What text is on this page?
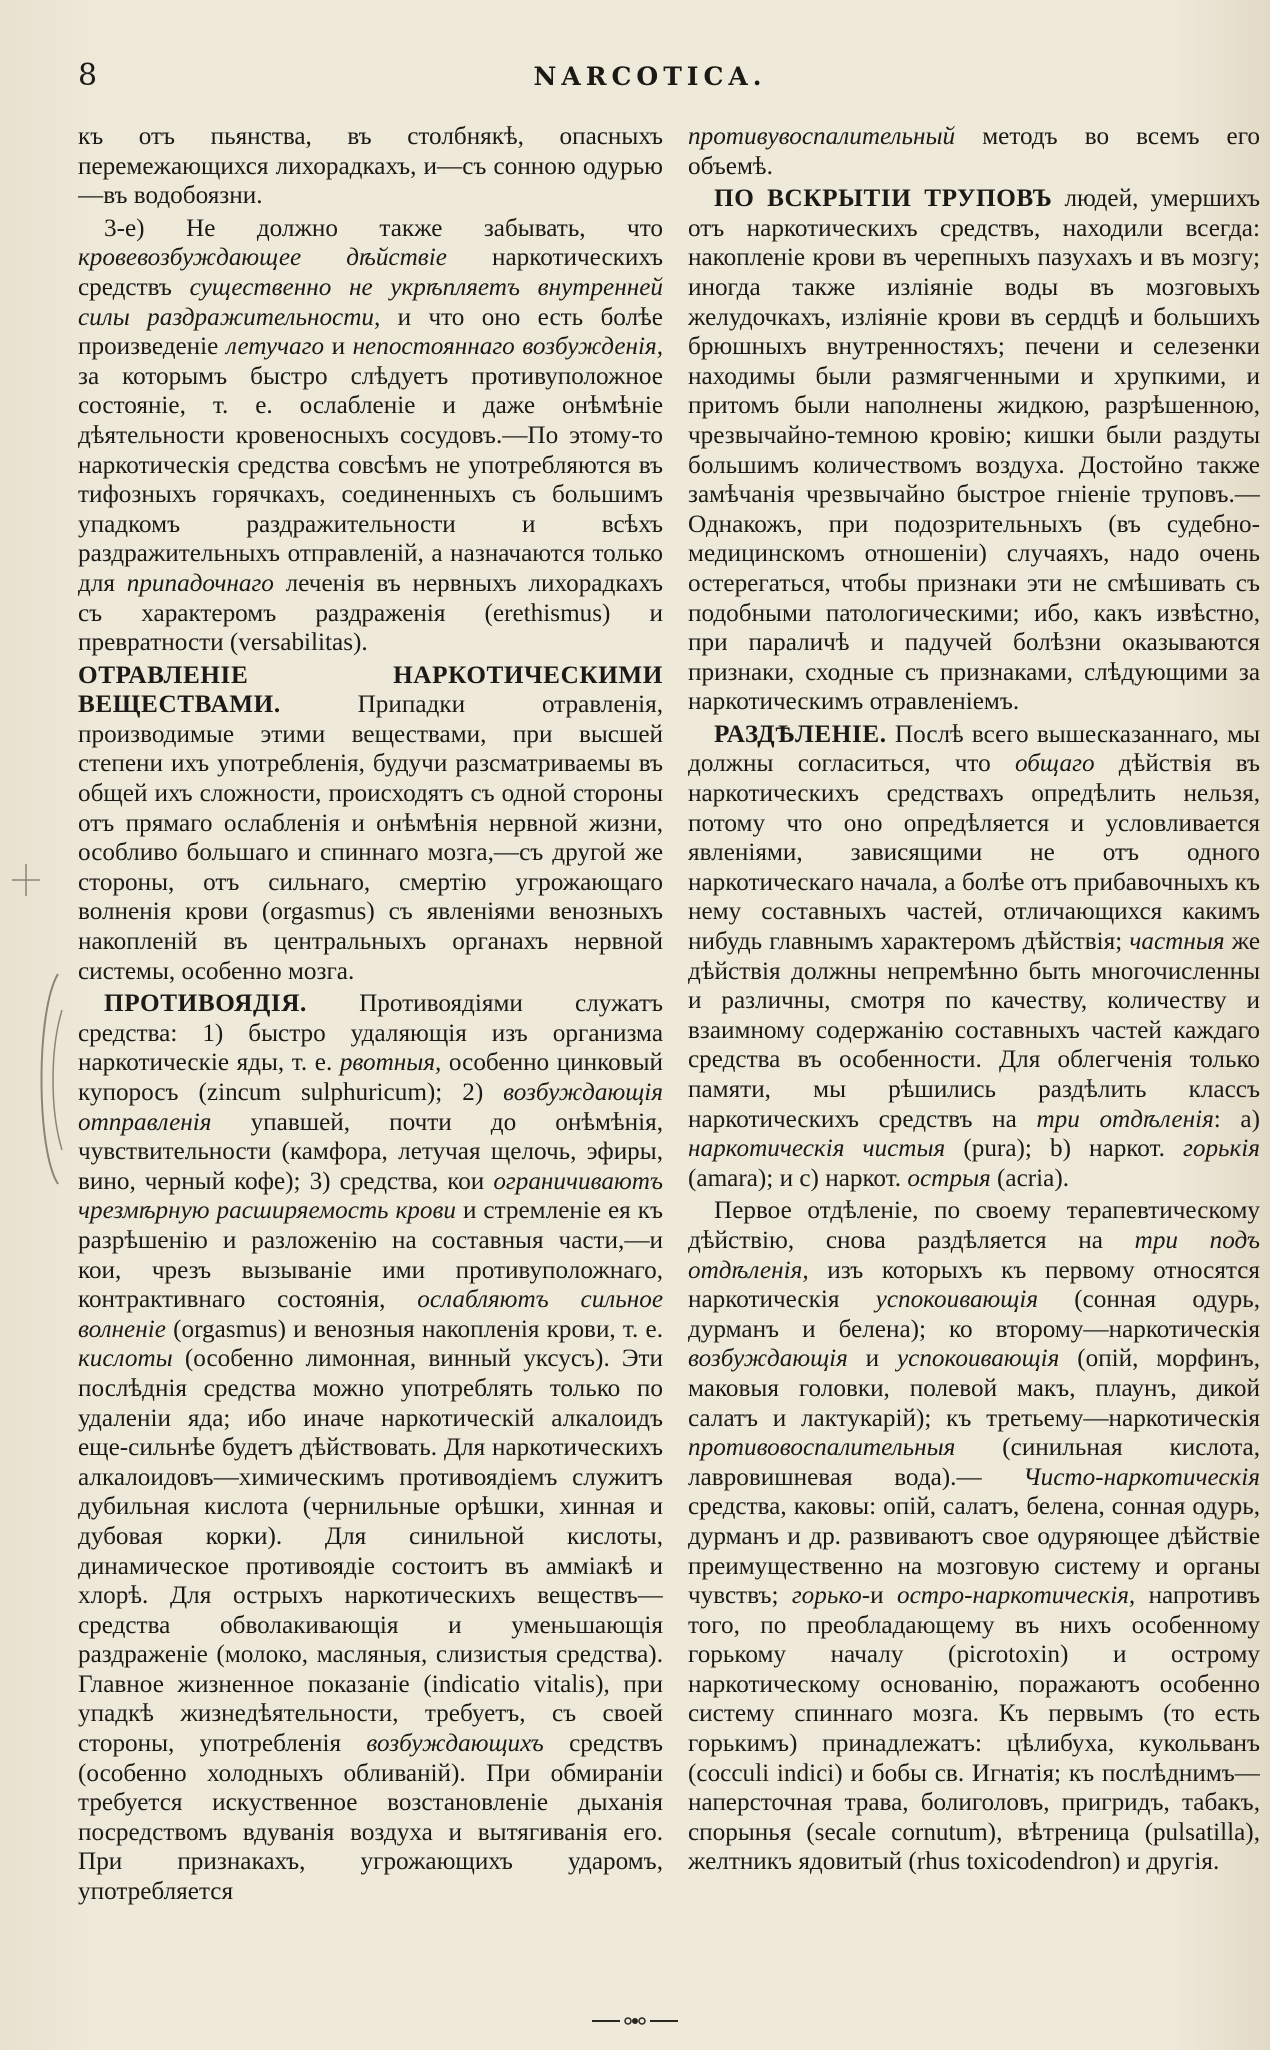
8	NARCOTICA.

къ отъ пьянства, въ столбнякѣ, опасныхъ перемежающихся лихорадкахъ, и—съ сонною одурью—въ водобоязни.

3-е) Не должно также забывать, что кровевозбуждающее дѣйствіе наркотическихъ средствъ существенно не укрѣпляетъ внутренней силы раздражительности, и что оно есть болѣе произведеніе летучаго и непостояннаго возбужденія, за которымъ быстро слѣдуетъ противуположное состояніе, т. е. ослабленіе и даже онѣмѣніе дѣятельности кровеносныхъ сосудовъ.—По этому-то наркотическія средства совсѣмъ не употребляются въ тифозныхъ горячкахъ, соединенныхъ съ большимъ упадкомъ раздражительности и всѣхъ раздражительныхъ отправленій, а назначаются только для припадочнаго леченія въ нервныхъ лихорадкахъ съ характеромъ раздраженія (erethismus) и превратности (versabilitas).

ОТРАВЛЕНІЕ НАРКОТИЧЕСКИМИ ВЕЩЕСТВАМИ. Припадки отравленія, производимые этими веществами, при высшей степени ихъ употребленія, будучи разсматриваемы въ общей ихъ сложности, происходятъ съ одной стороны отъ прямаго ослабленія и онѣмѣнія нервной жизни, особливо большаго и спиннаго мозга,—съ другой же стороны, отъ сильнаго, смертію угрожающаго волненія крови (orgasmus) съ явленіями венозныхъ накопленій въ центральныхъ органахъ нервной системы, особенно мозга.

ПРОТИВОЯДІЯ. Противоядіями служатъ средства: 1) быстро удаляющія изъ организма наркотическіе яды, т. е. рвотныя, особенно цинковый купоросъ (zincum sulphuricum); 2) возбуждающія отправленія упавшей, почти до онѣмѣнія, чувствительности (камфора, летучая щелочь, эфиры, вино, черный кофе); 3) средства, кои ограничиваютъ чрезмѣрную расширяемость крови и стремленіе ея къ разрѣшенію и разложенію на составныя части,—и кои, чрезъ вызываніе ими противуположнаго, контрактивнаго состоянія, ослабляютъ сильное волненіе (orgasmus) и венозныя накопленія крови, т. е. кислоты (особенно лимонная, винный уксусъ). Эти послѣднія средства можно употреблять только по удаленіи яда; ибо иначе наркотическій алкалоидъ еще-сильнѣе будетъ дѣйствовать. Для наркотическихъ алкалоидовъ—химическимъ противоядіемъ служитъ дубильная кислота (чернильные орѣшки, хинная и дубовая корки). Для синильной кислоты, динамическое противоядіе состоитъ въ амміакѣ и хлорѣ. Для острыхъ наркотическихъ веществъ—средства обволакивающія и уменьшающія раздраженіе (молоко, масляныя, слизистыя средства). Главное жизненное показаніе (indicatio vitalis), при упадкѣ жизнедѣятельности, требуетъ, съ своей стороны, употребленія возбуждающихъ средствъ (особенно холодныхъ обливаній). При обмираніи требуется искуственное возстановленіе дыханія посредствомъ вдуванія воздуха и вытягиванія его. При признакахъ, угрожающихъ ударомъ, употребляется

противувоспалительный методъ во всемъ его объемѣ.

ПО ВСКРЫТІИ ТРУПОВЪ людей, умершихъ отъ наркотическихъ средствъ, находили всегда: накопленіе крови въ черепныхъ пазухахъ и въ мозгу; иногда также изліяніе воды въ мозговыхъ желудочкахъ, изліяніе крови въ сердцѣ и большихъ брюшныхъ внутренностяхъ; печени и селезенки находимы были размягченными и хрупкими, и притомъ были наполнены жидкою, разрѣшенною, чрезвычайно-темною кровію; кишки были раздуты большимъ количествомъ воздуха. Достойно также замѣчанія чрезвычайно быстрое гніеніе труповъ.—Однакожъ, при подозрительныхъ (въ судебно-медицинскомъ отношеніи) случаяхъ, надо очень остерегаться, чтобы признаки эти не смѣшивать съ подобными патологическими; ибо, какъ извѣстно, при параличѣ и падучей болѣзни оказываются признаки, сходные съ признаками, слѣдующими за наркотическимъ отравленіемъ.

РАЗДѢЛЕНІЕ. Послѣ всего вышесказаннаго, мы должны согласиться, что общаго дѣйствія въ наркотическихъ средствахъ опредѣлить нельзя, потому что оно опредѣляется и условливается явленіями, зависящими не отъ одного наркотическаго начала, а болѣе отъ прибавочныхъ къ нему составныхъ частей, отличающихся какимъ нибудь главнымъ характеромъ дѣйствія; частныя же дѣйствія должны непремѣнно быть многочисленны и различны, смотря по качеству, количеству и взаимному содержанію составныхъ частей каждаго средства въ особенности. Для облегченія только памяти, мы рѣшились раздѣлить классъ наркотическихъ средствъ на три отдѣленія: a) наркотическія чистыя (pura); b) наркот. горькія (amara); и c) наркот. острыя (acria).

Первое отдѣленіе, по своему терапевтическому дѣйствію, снова раздѣляется на три подъ отдѣленія, изъ которыхъ къ первому относятся наркотическія успокоивающія (сонная одурь, дурманъ и белена); ко второму—наркотическія возбуждающія и успокоивающія (опій, морфинъ, маковыя головки, полевой макъ, плаунъ, дикой салатъ и лактукарій); къ третьему—наркотическія противовоспалительныя (синильная кислота, лавровишневая вода).— Чисто-наркотическія средства, каковы: опій, салатъ, белена, сонная одурь, дурманъ и др. развиваютъ свое одуряющее дѣйствіе преимущественно на мозговую систему и органы чувствъ; горько-и остро-наркотическія, напротивъ того, по преобладающему въ нихъ особенному горькому началу (picrotoxin) и острому наркотическому основанію, поражаютъ особенно систему спиннаго мозга. Къ первымъ (то есть горькимъ) принадлежатъ: цѣлибуха, кукольванъ (cocculi indici) и бобы св. Игнатія; къ послѣднимъ—наперсточная трава, болиголовъ, пригридъ, табакъ, спорынья (secale cornutum), вѣтреница (pulsatilla), желтникъ ядовитый (rhus toxicodendron) и другія.
